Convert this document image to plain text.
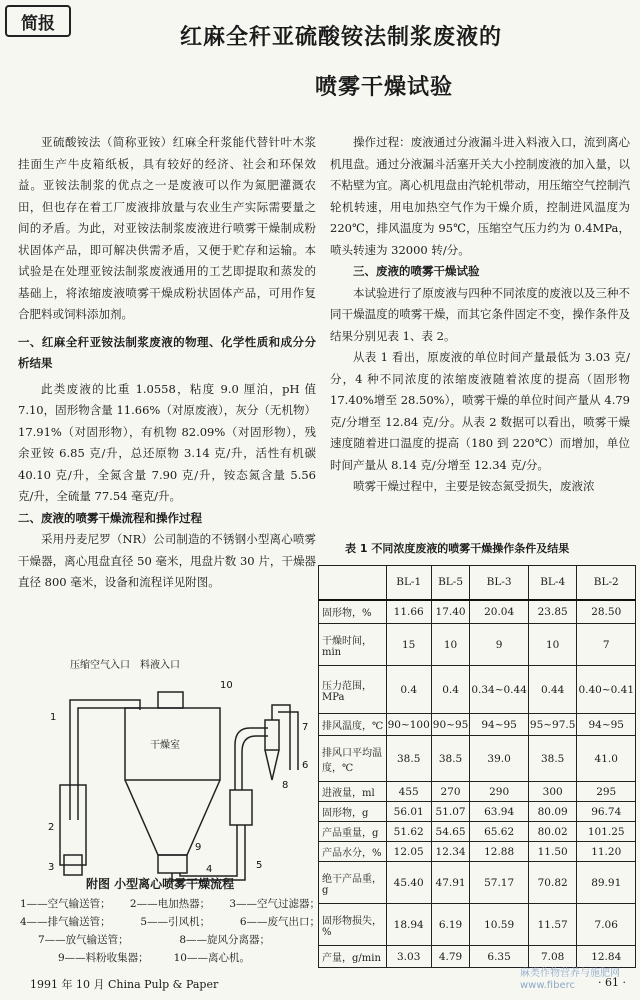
简报
红麻全秆亚硫酸铵法制浆废液的
喷雾干燥试验

亚硫酸铵法（简称亚铵）红麻全秆浆能代替针叶木浆挂面生产牛皮箱纸板，具有较好的经济、社会和环保效益。亚铵法制浆的优点之一是废液可以作为氮肥灌溉农田，但也存在着工厂废液排放量与农业生产实际需要量之间的矛盾。为此，对亚铵法制浆废液进行喷雾干燥制成粉状固体产品，即可解决供需矛盾，又便于贮存和运输。本试验是在处理亚铵法制浆废液通用的工艺即提取和蒸发的基础上，将浓缩废液喷雾干燥成粉状固体产品，可用作复合肥料或饲料添加剂。

一、红麻全秆亚铵法制浆废液的物理、化学性质和成分分析结果

此类废液的比重 1.0558，粘度 9.0 厘泊，pH 值 7.10，固形物含量 11.66%（对原废液），灰分（无机物）17.91%（对固形物），有机物 82.09%（对固形物），残余亚铵 6.85 克/升，总还原物 3.14 克/升，活性有机碳 40.10 克/升，全氮含量 7.90 克/升，铵态氮含量 5.56 克/升，全硫量 77.54 毫克/升。

二、废液的喷雾干燥流程和操作过程

采用丹麦尼罗（NR）公司制造的不锈钢小型离心喷雾干燥器，离心甩盘直径 50 毫米，甩盘片数 30 片，干燥器直径 800 毫米，设备和流程详见附图。

压缩空气入口 料液入口
干燥室
10
1
2
3	4	5
6
7
8
9
附图 小型离心喷雾干燥流程
1——空气输送管； 2——电加热器； 3——空气过滤器；
4——排气输送管；	5——引风机；	6——废气出口；
7——放气输送管；	8——旋风分离器；
9——料粉收集器； 10——离心机。

操作过程：废液通过分液漏斗进入料液入口，流到离心机甩盘。通过分液漏斗活塞开关大小控制废液的加入量，以不粘壁为宜。离心机甩盘由汽轮机带动，用压缩空气控制汽轮机转速，用电加热空气作为干燥介质，控制进风温度为 220℃，排风温度为 95℃，压缩空气压力约为 0.4MPa，喷头转速为 32000 转/分。

三、废液的喷雾干燥试验

本试验进行了原废液与四种不同浓度的废液以及三种不同干燥温度的喷雾干燥，而其它条件固定不变，操作条件及结果分别见表 1、表 2。

从表 1 看出，原废液的单位时间产量最低为 3.03 克/分，4 种不同浓度的浓缩废液随着浓度的提高（固形物 17.40%增至 28.50%），喷雾干燥的单位时间产量从 4.79 克/分增至 12.84 克/分。从表 2 数据可以看出，喷雾干燥速度随着进口温度的提高（180 到 220℃）而增加，单位时间产量从 8.14 克/分增至 12.34 克/分。

喷雾干燥过程中，主要是铵态氮受损失，废液浓

表 1 不同浓度废液的喷雾干燥操作条件及结果
	BL-1	BL-5	BL-3	BL-4	BL-2
固形物，%	11.66	17.40	20.04	23.85	28.50
干燥时间，min	15	10	9	10	7
压力范围，MPa	0.4	0.4	0.34~0.44	0.44	0.40~0.41
排风温度，℃	90~100	90~95	94~95	95~97.5	94~95
排风口平均温度，℃	38.5	38.5	39.0	38.5	41.0
进液量，ml	455	270	290	300	295
固形物，g	56.01	51.07	63.94	80.09	96.74
产品重量，g	51.62	54.65	65.62	80.02	101.25
产品水分，%	12.05	12.34	12.88	11.50	11.20
绝干产品重，g	45.40	47.91	57.17	70.82	89.91
固形物损失，%	18.94	6.19	10.59	11.57	7.06
产量，g/min	3.03	4.79	6.35	7.08	12.84
1991 年 10 月 China Pulp & Paper
麻类作物营养与施肥网
www.fiberc	· 61 ·
